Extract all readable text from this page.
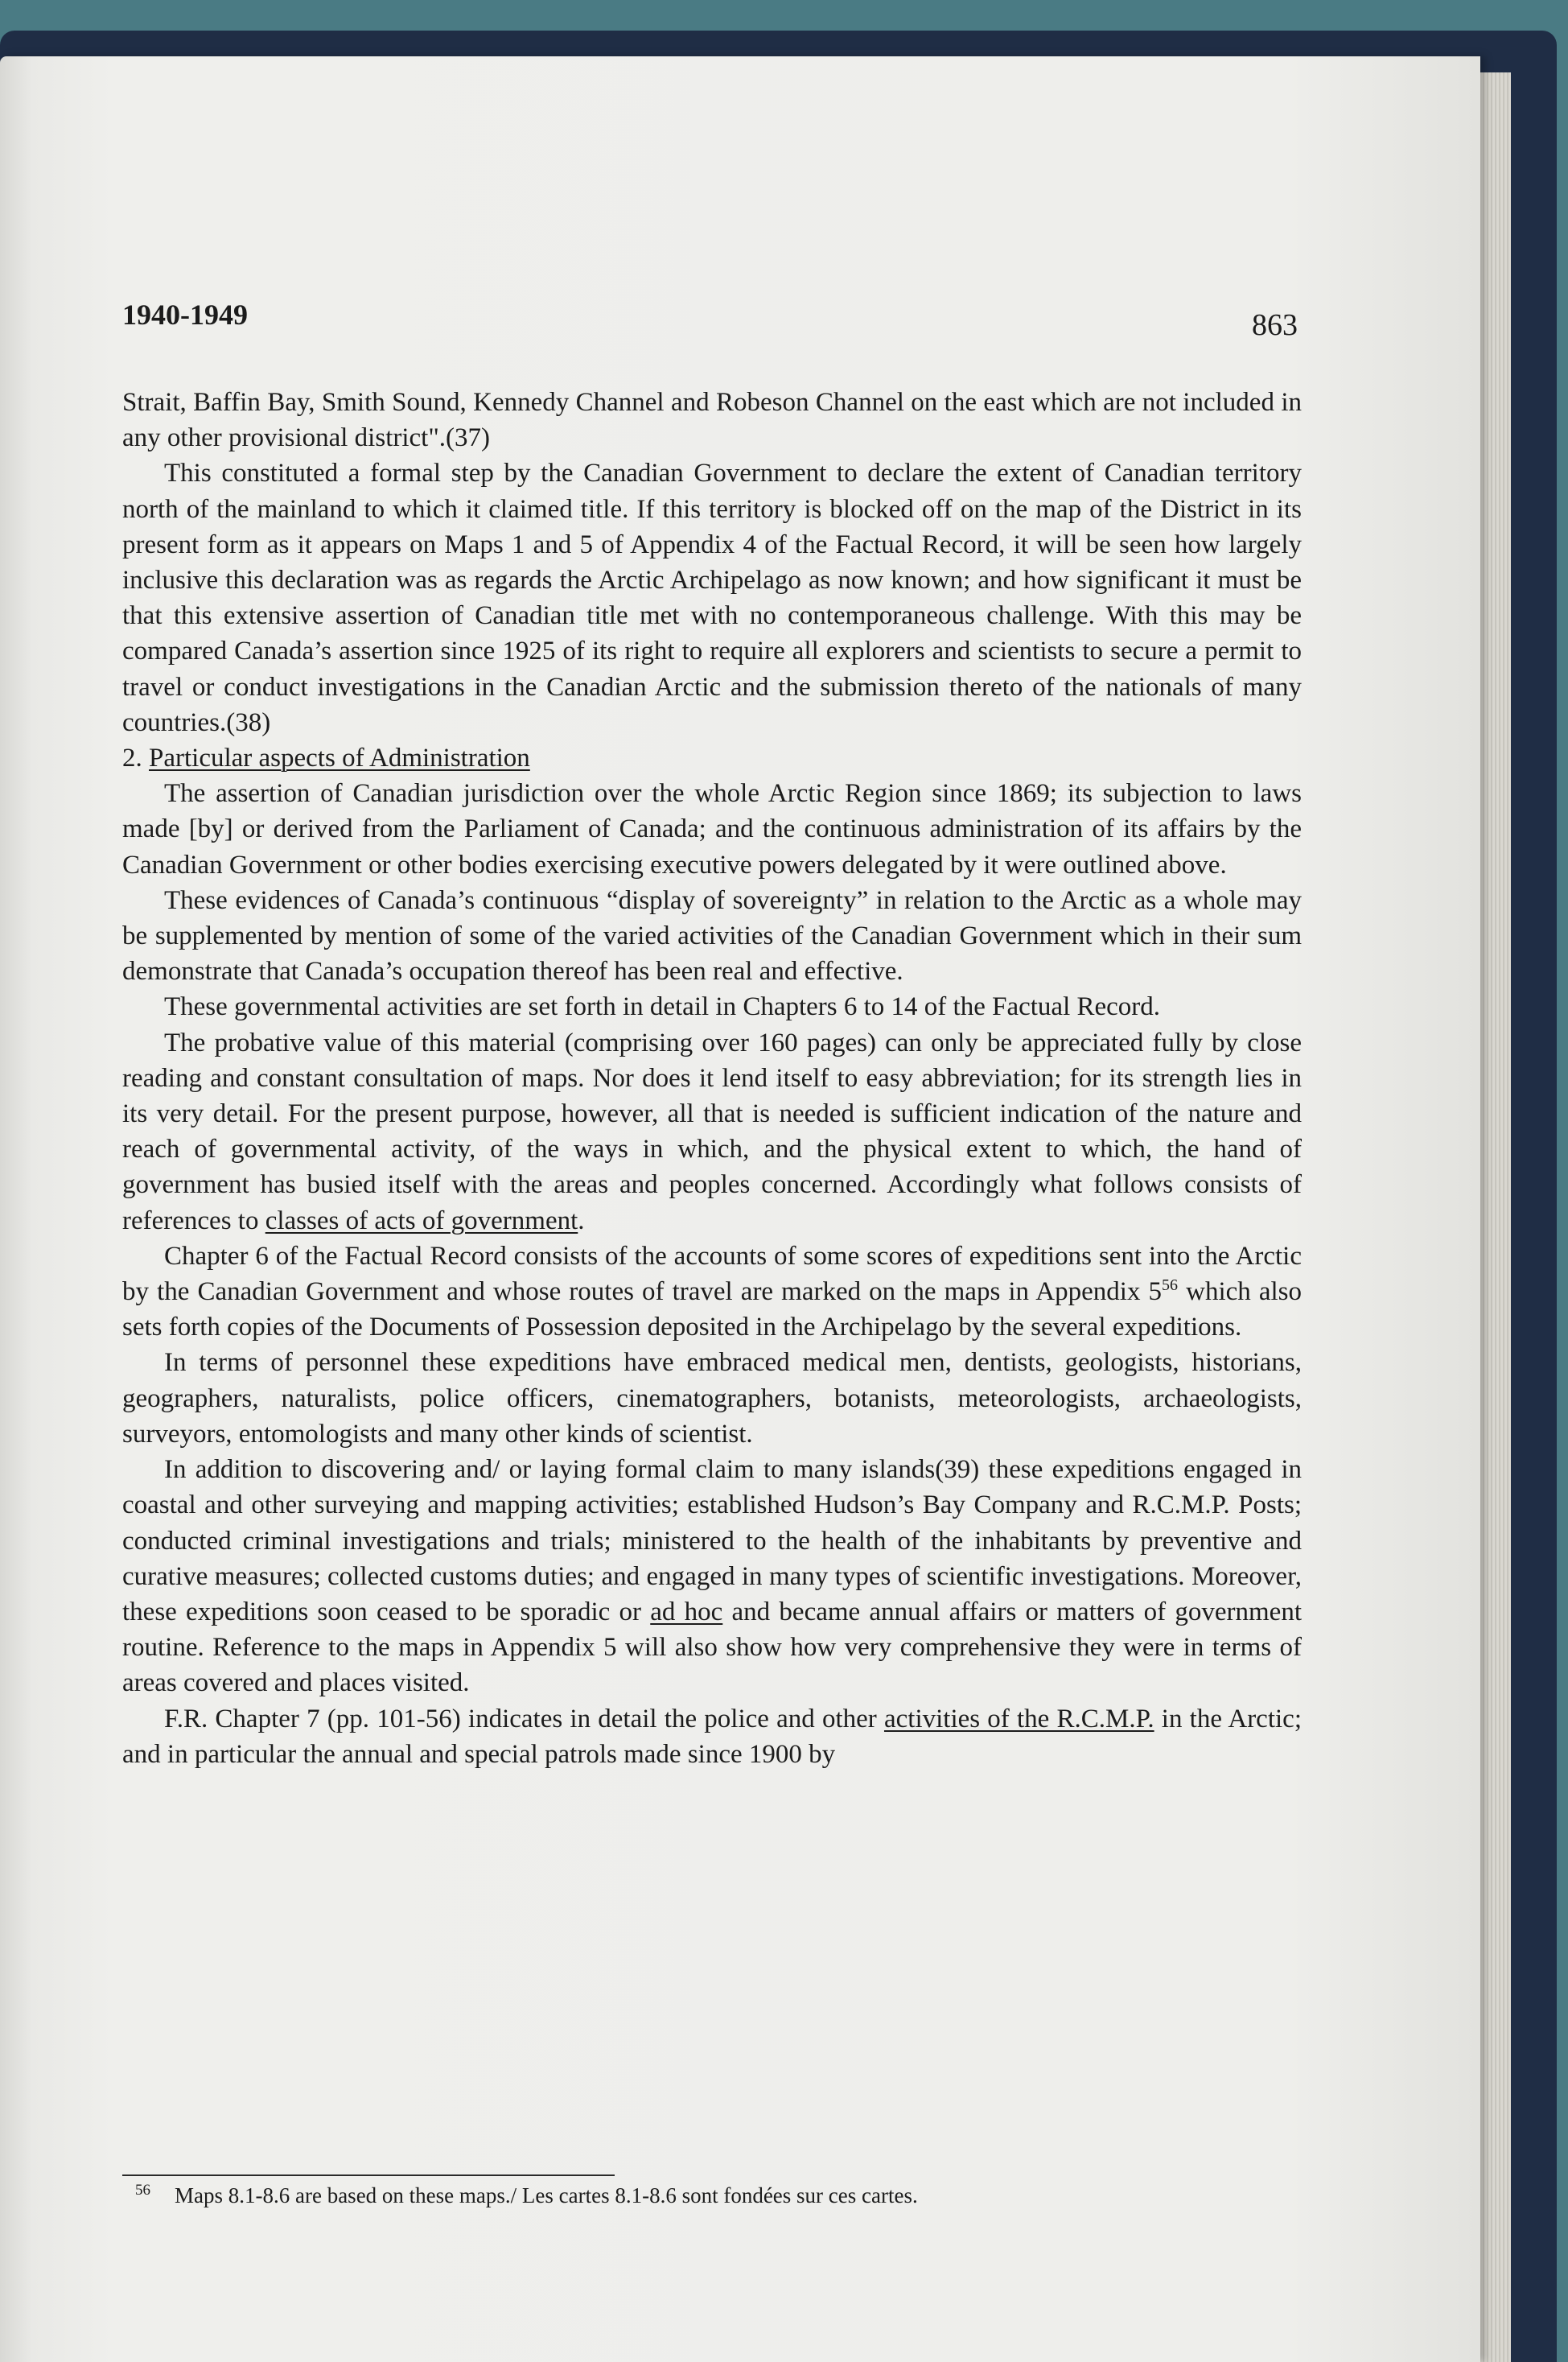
1940-1949	863

Strait, Baffin Bay, Smith Sound, Kennedy Channel and Robeson Channel on the east which are not included in any other provisional district".(37)

This constituted a formal step by the Canadian Government to declare the extent of Canadian territory north of the mainland to which it claimed title. If this territory is blocked off on the map of the District in its present form as it appears on Maps 1 and 5 of Appendix 4 of the Factual Record, it will be seen how largely inclusive this declaration was as regards the Arctic Archipelago as now known; and how significant it must be that this extensive assertion of Canadian title met with no contemporaneous challenge. With this may be compared Canada’s assertion since 1925 of its right to require all explorers and scientists to secure a permit to travel or conduct investigations in the Canadian Arctic and the submission thereto of the nationals of many countries.(38)

2. Particular aspects of Administration

The assertion of Canadian jurisdiction over the whole Arctic Region since 1869; its subjection to laws made [by] or derived from the Parliament of Canada; and the continuous administration of its affairs by the Canadian Government or other bodies exercising executive powers delegated by it were outlined above.

These evidences of Canada’s continuous “display of sovereignty” in relation to the Arctic as a whole may be supplemented by mention of some of the varied activities of the Canadian Government which in their sum demonstrate that Canada’s occupation thereof has been real and effective.

These governmental activities are set forth in detail in Chapters 6 to 14 of the Factual Record.

The probative value of this material (comprising over 160 pages) can only be appreciated fully by close reading and constant consultation of maps. Nor does it lend itself to easy abbreviation; for its strength lies in its very detail. For the present purpose, however, all that is needed is sufficient indication of the nature and reach of governmental activity, of the ways in which, and the physical extent to which, the hand of government has busied itself with the areas and peoples concerned. Accordingly what follows consists of references to classes of acts of government.

Chapter 6 of the Factual Record consists of the accounts of some scores of expeditions sent into the Arctic by the Canadian Government and whose routes of travel are marked on the maps in Appendix $5^{56}$ which also sets forth copies of the Documents of Possession deposited in the Archipelago by the several expeditions.

In terms of personnel these expeditions have embraced medical men, dentists, geologists, historians, geographers, naturalists, police officers, cinematographers, botanists, meteorologists, archaeologists, surveyors, entomologists and many other kinds of scientist.

In addition to discovering and/ or laying formal claim to many islands(39) these expeditions engaged in coastal and other surveying and mapping activities; established Hudson’s Bay Company and R.C.M.P. Posts; conducted criminal investigations and trials; ministered to the health of the inhabitants by preventive and curative measures; collected customs duties; and engaged in many types of scientific investigations. Moreover, these expeditions soon ceased to be sporadic or ad hoc and became annual affairs or matters of government routine. Reference to the maps in Appendix 5 will also show how very comprehensive they were in terms of areas covered and places visited.

F.R. Chapter 7 (pp. 101-56) indicates in detail the police and other activities of the R.C.M.P. in the Arctic; and in particular the annual and special patrols made since 1900 by

$^{56}$ Maps 8.1-8.6 are based on these maps./ Les cartes 8.1-8.6 sont fondées sur ces cartes.
